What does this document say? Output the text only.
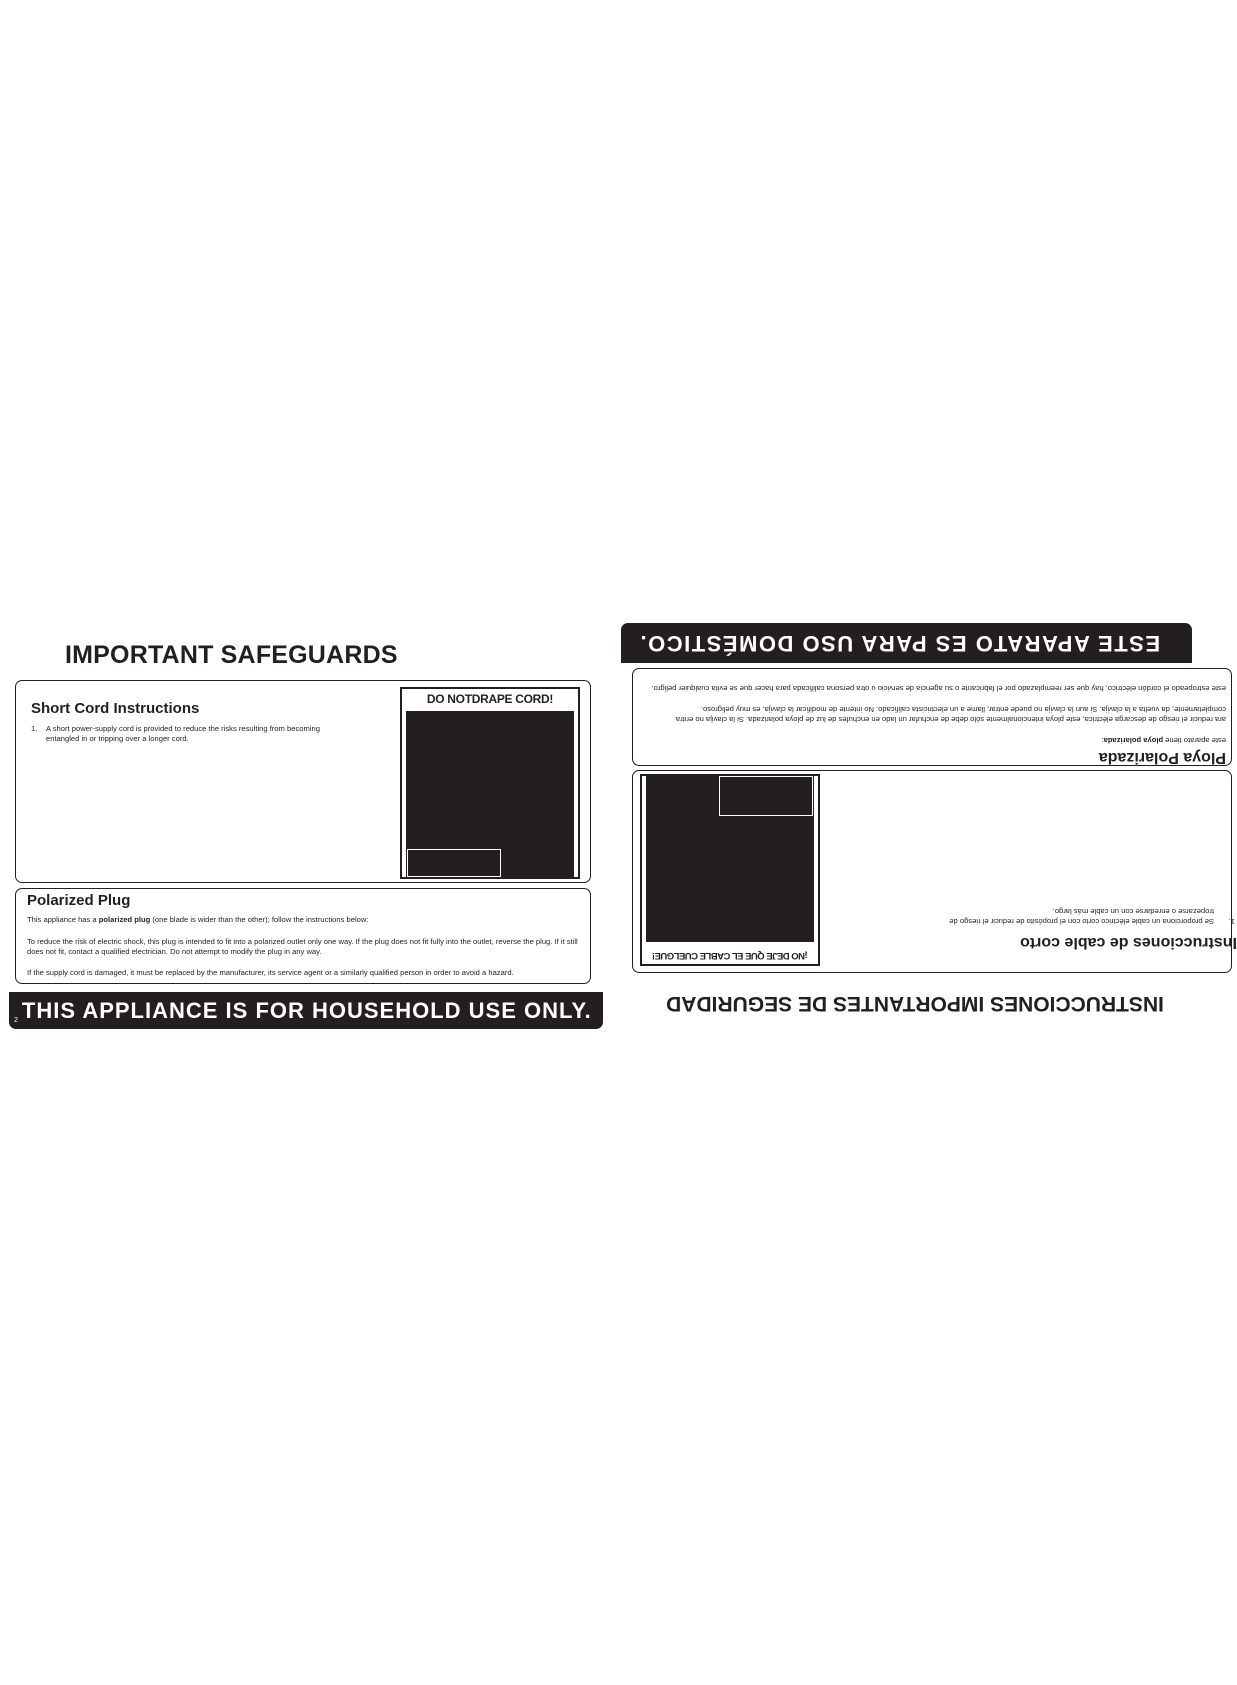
IMPORTANT SAFEGUARDS
Short Cord Instructions
1. A short power-supply cord is provided to reduce the risks resulting from becoming entangled in or tripping over a longer cord.

DO NOTDRAPE CORD!
Polarized Plug

This appliance has a polarized plug (one blade is wider than the other); follow the instructions below:

To reduce the risk of electric shock, this plug is intended to fit into a polarized outlet only one way. If the plug does not fit fully into the outlet, reverse the plug. If it still does not fit, contact a qualified electrician. Do not attempt to modify the plug in any way.

If the supply cord is damaged, it must be replaced by the manufacturer, its service agent or a similarly qualified person in order to avoid a hazard.

2 THIS APPLIANCE IS FOR HOUSEHOLD USE ONLY.
ESTE APARATO ES PARA USO DOMÉSTICO.

este aparato tiene ploya polarizada:

ara reducir el riesgo de descarga eléctrica, este ploya intencionalmente sólo debe de enchufar un lado en enchufes de luz de ploya polarizada. Si la clavija no entra completamente, da vuelta a la clavija. Si aun la clavija no puede entrar, llame a un electricista calificado. No intente de modificar la clavija, es muy peligroso.

este estropeado el cordón eléctrico, hay que ser reemplazado por el fabricante o su agencia de servicio u otra persona calificada para hacer que se evita cualquier peligro.

Ploya Polarizada
Instrucciones de cable corto
1.

Se proporciona un cable eléctrico corto con el propósito de reducir el riesgo de tropezarse o enredarse con un cable más largo.

¡NO DEJE QUE EL CABLE CUELGUE!
INSTRUCCIONES IMPORTANTES DE SEGURIDAD
